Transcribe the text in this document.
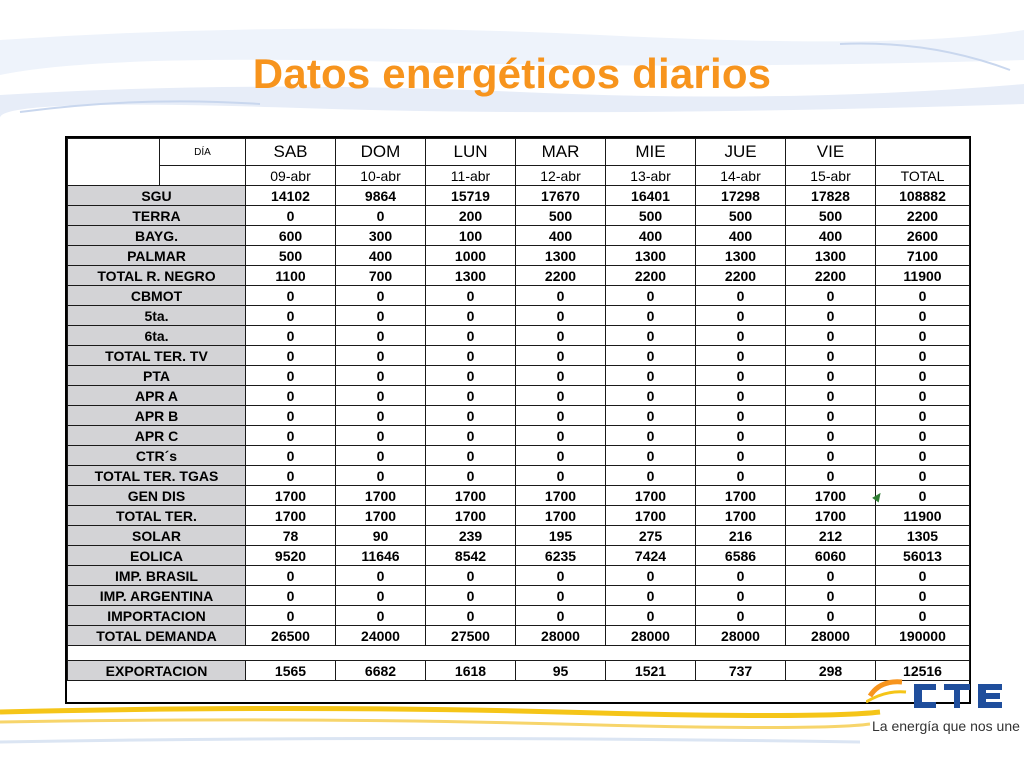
Datos energéticos diarios
	DÍA	SAB	DOM	LUN	MAR	MIE	JUE	VIE	
		09-abr	10-abr	11-abr	12-abr	13-abr	14-abr	15-abr	TOTAL
SGU		14102	9864	15719	17670	16401	17298	17828	108882
TERRA		0	0	200	500	500	500	500	2200
BAYG.		600	300	100	400	400	400	400	2600
PALMAR		500	400	1000	1300	1300	1300	1300	7100
TOTAL R. NEGRO		1100	700	1300	2200	2200	2200	2200	11900
CBMOT		0	0	0	0	0	0	0	0
5ta.		0	0	0	0	0	0	0	0
6ta.		0	0	0	0	0	0	0	0
TOTAL TER. TV		0	0	0	0	0	0	0	0
PTA		0	0	0	0	0	0	0	0
APR A		0	0	0	0	0	0	0	0
APR B		0	0	0	0	0	0	0	0
APR C		0	0	0	0	0	0	0	0
CTR´s		0	0	0	0	0	0	0	0
TOTAL TER. TGAS		0	0	0	0	0	0	0	0
GEN DIS		1700	1700	1700	1700	1700	1700	1700	0
TOTAL TER.		1700	1700	1700	1700	1700	1700	1700	11900
SOLAR		78	90	239	195	275	216	212	1305
EOLICA		9520	11646	8542	6235	7424	6586	6060	56013
IMP. BRASIL		0	0	0	0	0	0	0	0
IMP. ARGENTINA		0	0	0	0	0	0	0	0
IMPORTACION		0	0	0	0	0	0	0	0
TOTAL DEMANDA		26500	24000	27500	28000	28000	28000	28000	190000

EXPORTACION		1565	6682	1618	95	1521	737	298	12516
La energía que nos une
